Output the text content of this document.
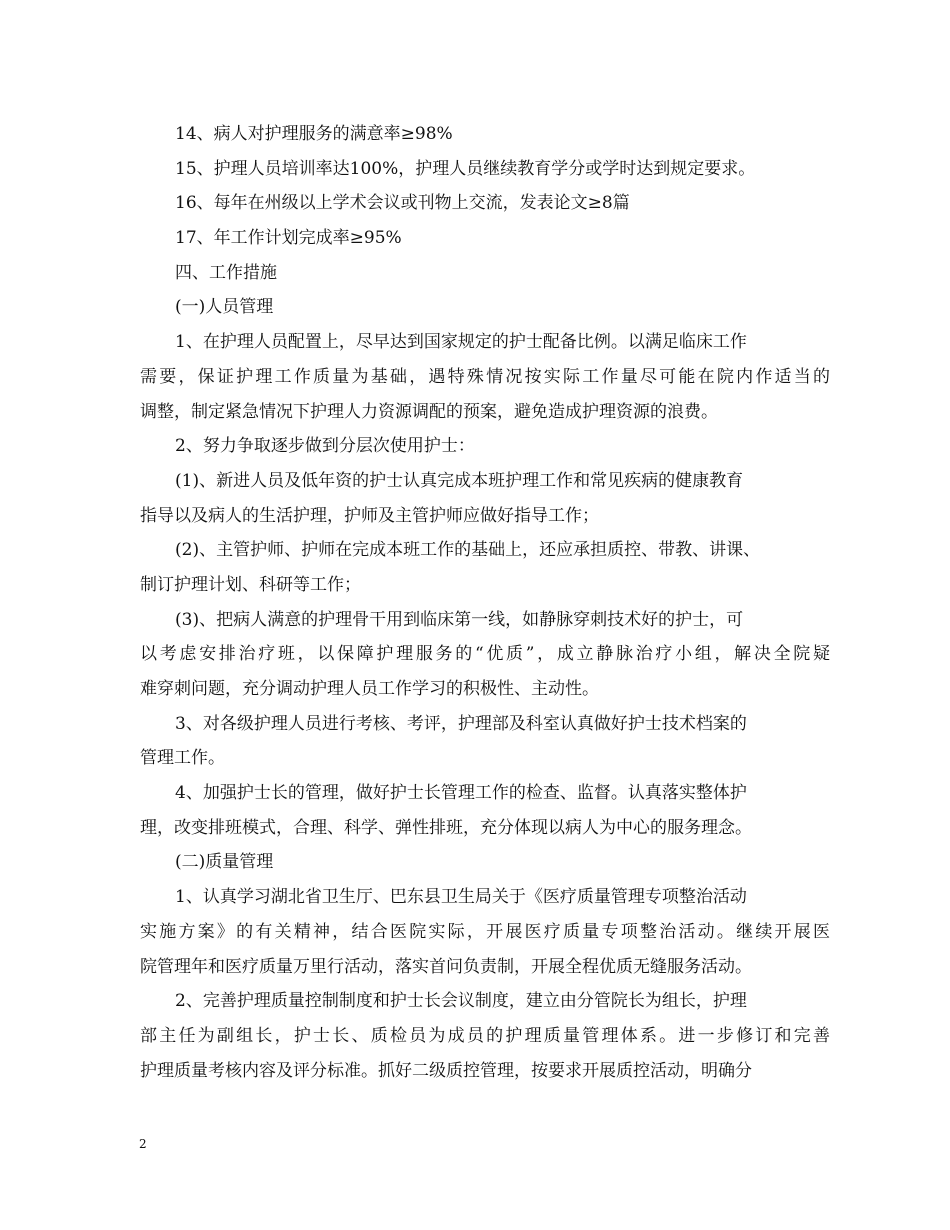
14、病人对护理服务的满意率≥98%
15、护理人员培训率达100%，护理人员继续教育学分或学时达到规定要求。
16、每年在州级以上学术会议或刊物上交流，发表论文≥8篇
17、年工作计划完成率≥95%
四、工作措施
(一)人员管理
1、在护理人员配置上，尽早达到国家规定的护士配备比例。以满足临床工作
需要，保证护理工作质量为基础，遇特殊情况按实际工作量尽可能在院内作适当的
调整，制定紧急情况下护理人力资源调配的预案，避免造成护理资源的浪费。
2、努力争取逐步做到分层次使用护士：
(1)、新进人员及低年资的护士认真完成本班护理工作和常见疾病的健康教育
指导以及病人的生活护理，护师及主管护师应做好指导工作；
(2)、主管护师、护师在完成本班工作的基础上，还应承担质控、带教、讲课、
制订护理计划、科研等工作；
(3)、把病人满意的护理骨干用到临床第一线，如静脉穿刺技术好的护士，可
以考虑安排治疗班，以保障护理服务的“优质”，成立静脉治疗小组，解决全院疑
难穿刺问题，充分调动护理人员工作学习的积极性、主动性。
3、对各级护理人员进行考核、考评，护理部及科室认真做好护士技术档案的
管理工作。
4、加强护士长的管理，做好护士长管理工作的检查、监督。认真落实整体护
理，改变排班模式，合理、科学、弹性排班，充分体现以病人为中心的服务理念。
(二)质量管理
1、认真学习湖北省卫生厅、巴东县卫生局关于《医疗质量管理专项整治活动
实施方案》的有关精神，结合医院实际，开展医疗质量专项整治活动。继续开展医
院管理年和医疗质量万里行活动，落实首问负责制，开展全程优质无缝服务活动。
2、完善护理质量控制制度和护士长会议制度，建立由分管院长为组长，护理
部主任为副组长，护士长、质检员为成员的护理质量管理体系。进一步修订和完善
护理质量考核内容及评分标准。抓好二级质控管理，按要求开展质控活动，明确分
2
